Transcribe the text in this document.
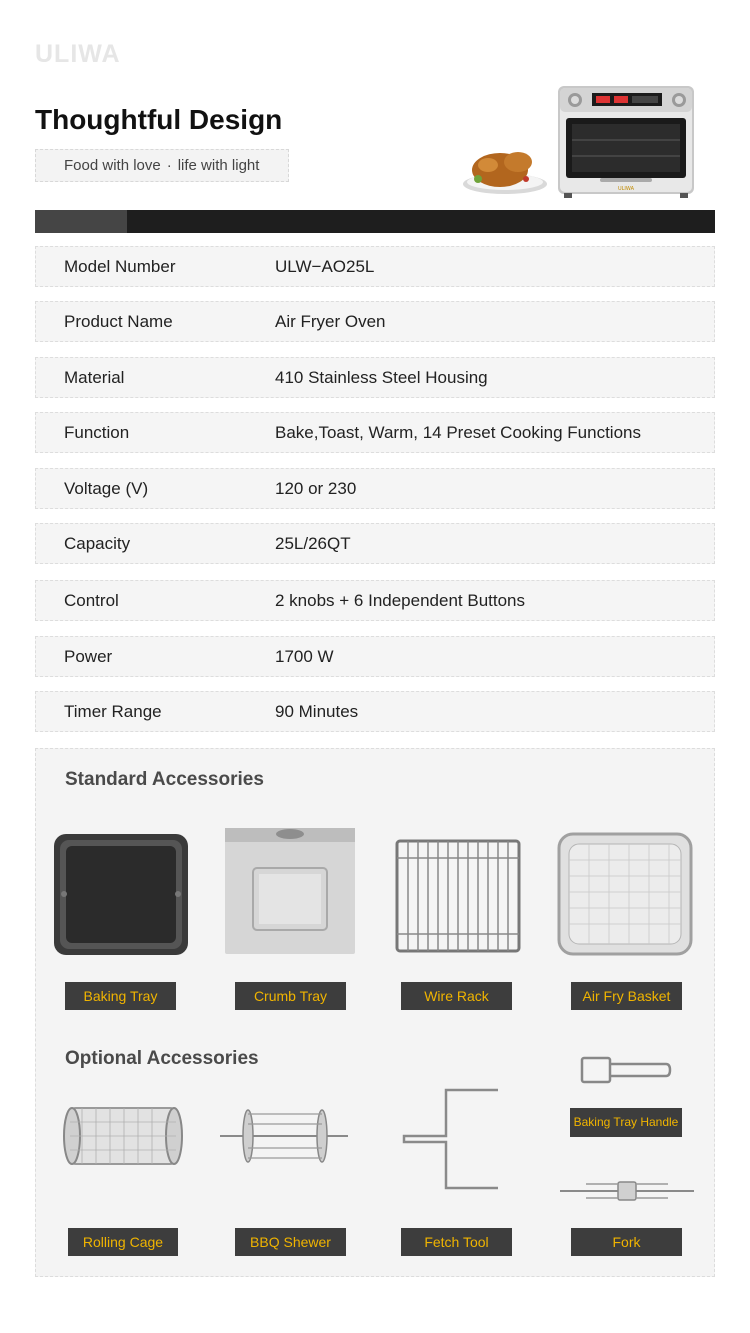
ULIWA
Thoughtful Design
Food with love · life with light
ULIWA
Model Number	ULW−AO25L
Product Name	Air Fryer Oven
Material	410 Stainless Steel Housing
Function	Bake,Toast, Warm, 14 Preset Cooking Functions
Voltage (V)	120 or 230
Capacity	25L/26QT
Control	2 knobs + 6 Independent Buttons
Power	1700 W
Timer Range	90 Minutes
Standard Accessories
Baking Tray	Crumb Tray	Wire Rack	Air Fry Basket
Optional Accessories
Rolling Cage	BBQ Shewer	Fetch Tool
Baking Tray Handle
Fork
